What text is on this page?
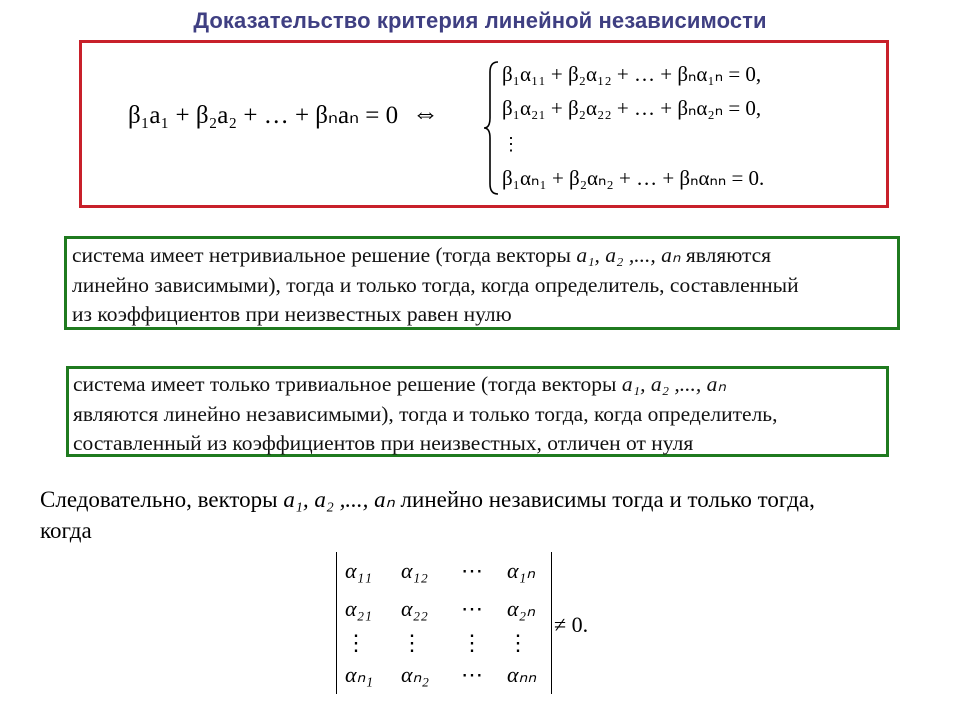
Доказательство критерия линейной независимости
β₁a₁ + β₂a₂ + … + βₙaₙ = 0 ⇔
β₁α₁₁ + β₂α₁₂ + … + βₙα₁ₙ = 0,
β₁α₂₁ + β₂α₂₂ + … + βₙα₂ₙ = 0,
⋮
β₁αₙ₁ + β₂αₙ₂ + … + βₙαₙₙ = 0.
система имеет нетривиальное решение (тогда векторы a₁, a₂ ,..., aₙ являются
линейно зависимыми), тогда и только тогда, когда определитель, составленный
из коэффициентов при неизвестных равен нулю
система имеет только тривиальное решение (тогда векторы a₁, a₂ ,..., aₙ
являются линейно независимыми), тогда и только тогда, когда определитель,
составленный из коэффициентов при неизвестных, отличен от нуля
Следовательно, векторы a₁, a₂ ,..., aₙ линейно независимы тогда и только тогда,
когда
α₁₁ α₁₂ ⋯ α₁ₙ
α₂₁ α₂₂ ⋯ α₂ₙ
⋮ ⋮ ⋮ ⋮
αₙ₁ αₙ₂ ⋯ αₙₙ
≠ 0.
